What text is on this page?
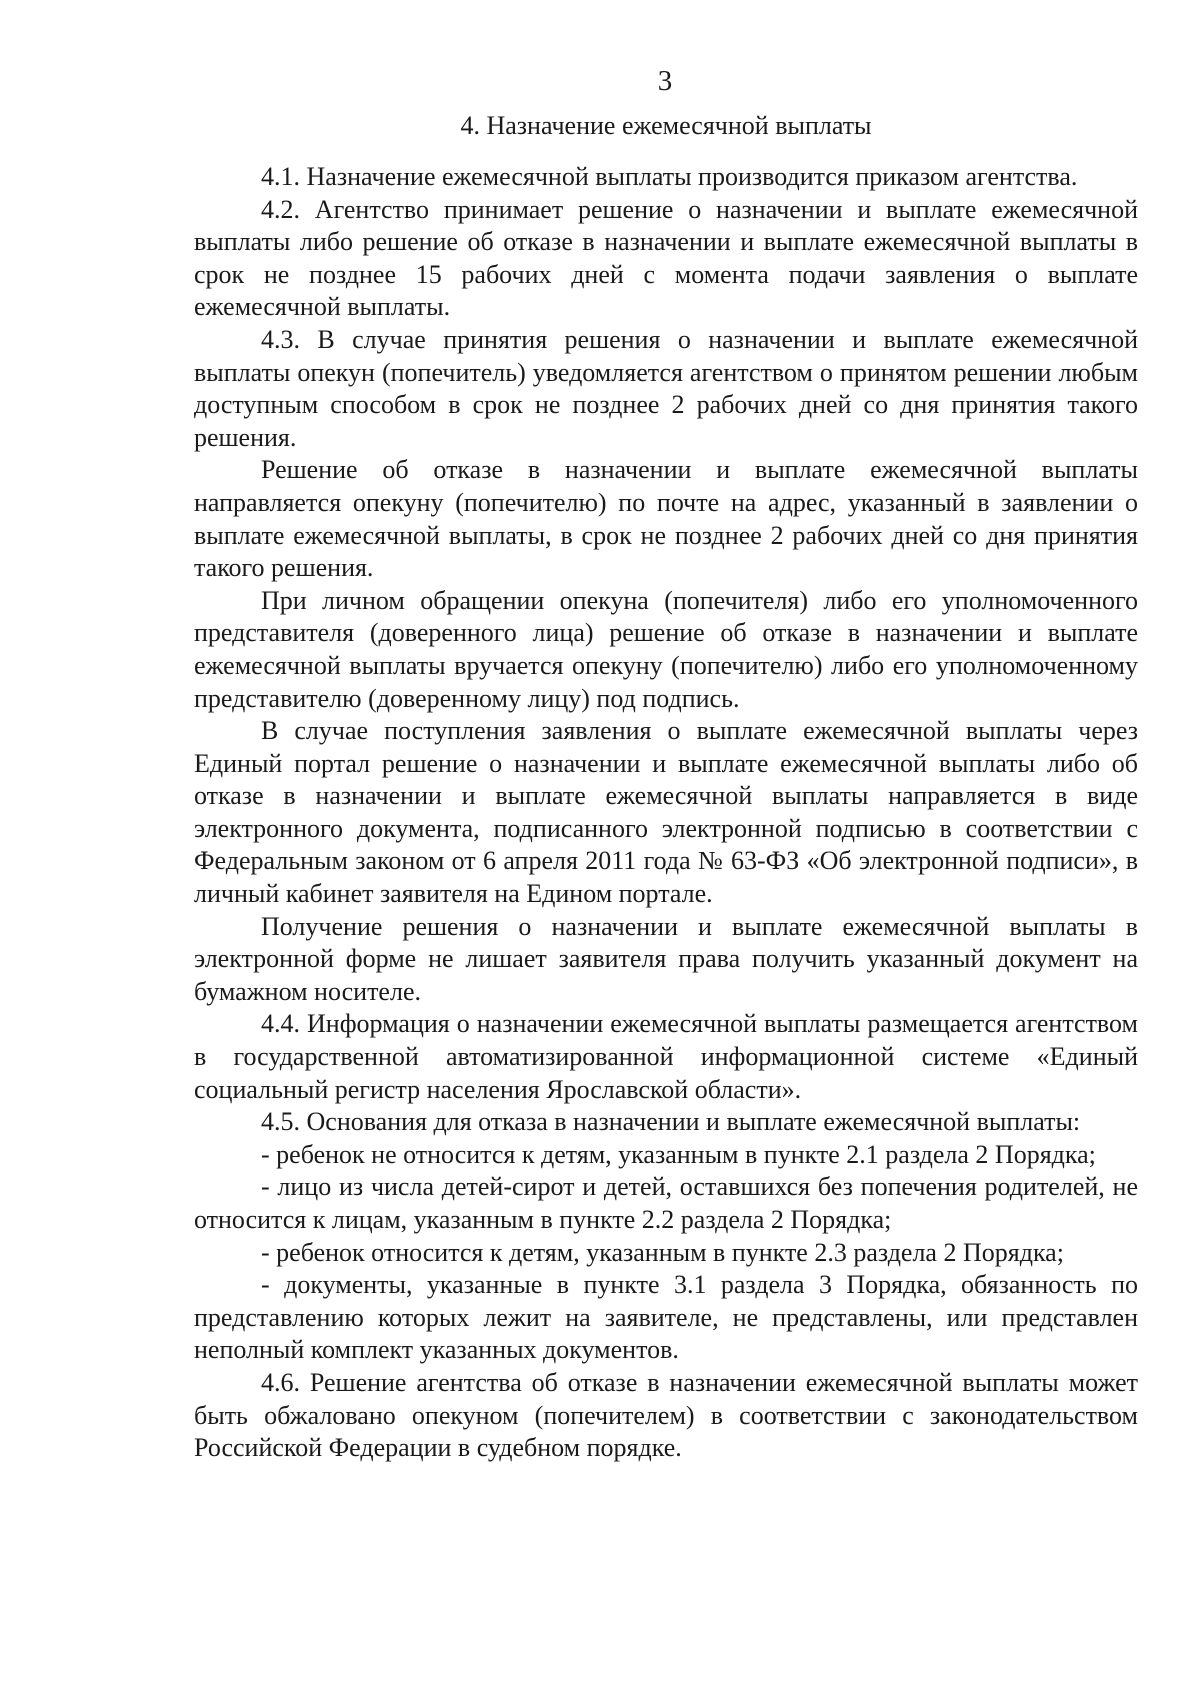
3
4. Назначение ежемесячной выплаты

4.1. Назначение ежемесячной выплаты производится приказом агентства.

4.2. Агентство принимает решение о назначении и выплате ежемесячной выплаты либо решение об отказе в назначении и выплате ежемесячной выплаты в срок не позднее 15 рабочих дней с момента подачи заявления о выплате ежемесячной выплаты.

4.3. В случае принятия решения о назначении и выплате ежемесячной выплаты опекун (попечитель) уведомляется агентством о принятом решении любым доступным способом в срок не позднее 2 рабочих дней со дня принятия такого решения.

Решение об отказе в назначении и выплате ежемесячной выплаты направляется опекуну (попечителю) по почте на адрес, указанный в заявлении о выплате ежемесячной выплаты, в срок не позднее 2 рабочих дней со дня принятия такого решения.

При личном обращении опекуна (попечителя) либо его уполномоченного представителя (доверенного лица) решение об отказе в назначении и выплате ежемесячной выплаты вручается опекуну (попечителю) либо его уполномоченному представителю (доверенному лицу) под подпись.

В случае поступления заявления о выплате ежемесячной выплаты через Единый портал решение о назначении и выплате ежемесячной выплаты либо об отказе в назначении и выплате ежемесячной выплаты направляется в виде электронного документа, подписанного электронной подписью в соответствии с Федеральным законом от 6 апреля 2011 года № 63-ФЗ «Об электронной подписи», в личный кабинет заявителя на Едином портале.

Получение решения о назначении и выплате ежемесячной выплаты в электронной форме не лишает заявителя права получить указанный документ на бумажном носителе.

4.4. Информация о назначении ежемесячной выплаты размещается агентством в государственной автоматизированной информационной системе «Единый социальный регистр населения Ярославской области».

4.5. Основания для отказа в назначении и выплате ежемесячной выплаты:

- ребенок не относится к детям, указанным в пункте 2.1 раздела 2 Порядка;

- лицо из числа детей-сирот и детей, оставшихся без попечения родителей, не относится к лицам, указанным в пункте 2.2 раздела 2 Порядка;

- ребенок относится к детям, указанным в пункте 2.3 раздела 2 Порядка;

- документы, указанные в пункте 3.1 раздела 3 Порядка, обязанность по представлению которых лежит на заявителе, не представлены, или представлен неполный комплект указанных документов.

4.6. Решение агентства об отказе в назначении ежемесячной выплаты может быть обжаловано опекуном (попечителем) в соответствии с законодательством Российской Федерации в судебном порядке.
